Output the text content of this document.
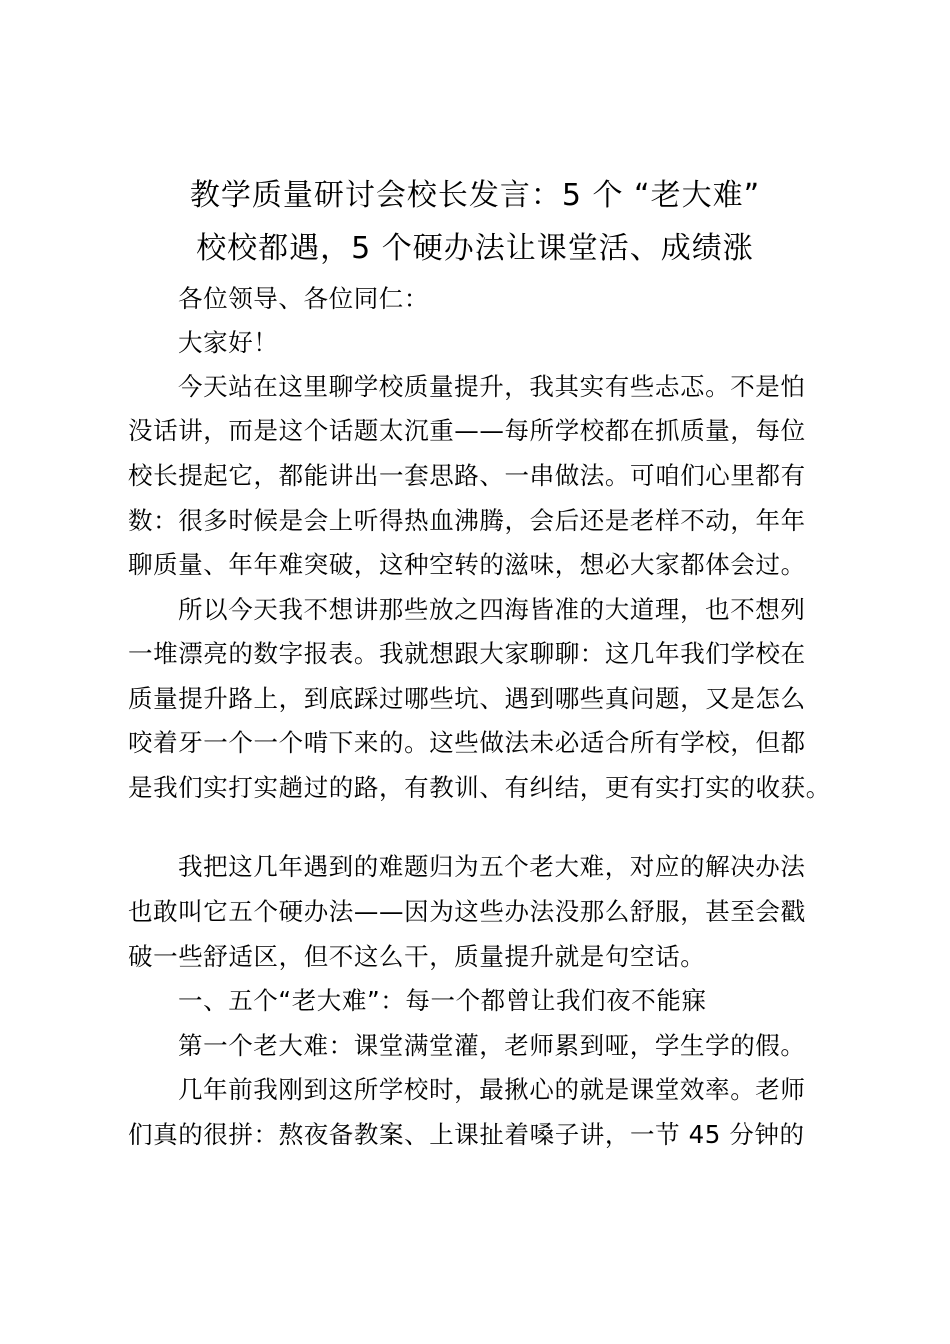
教学质量研讨会校长发言：5 个 “老大难”
校校都遇，5 个硬办法让课堂活、成绩涨
各位领导、各位同仁：
大家好！
今天站在这里聊学校质量提升，我其实有些忐忑。不是怕
没话讲，而是这个话题太沉重——每所学校都在抓质量，每位
校长提起它，都能讲出一套思路、一串做法。可咱们心里都有
数：很多时候是会上听得热血沸腾，会后还是老样不动，年年
聊质量、年年难突破，这种空转的滋味，想必大家都体会过。
所以今天我不想讲那些放之四海皆准的大道理，也不想列
一堆漂亮的数字报表。我就想跟大家聊聊：这几年我们学校在
质量提升路上，到底踩过哪些坑、遇到哪些真问题，又是怎么
咬着牙一个一个啃下来的。这些做法未必适合所有学校，但都
是我们实打实趟过的路，有教训、有纠结，更有实打实的收获。
我把这几年遇到的难题归为五个老大难，对应的解决办法
也敢叫它五个硬办法——因为这些办法没那么舒服，甚至会戳
破一些舒适区，但不这么干，质量提升就是句空话。
一、五个“老大难”：每一个都曾让我们夜不能寐
第一个老大难：课堂满堂灌，老师累到哑，学生学的假。
几年前我刚到这所学校时，最揪心的就是课堂效率。老师
们真的很拼：熬夜备教案、上课扯着嗓子讲，一节 45 分钟的
